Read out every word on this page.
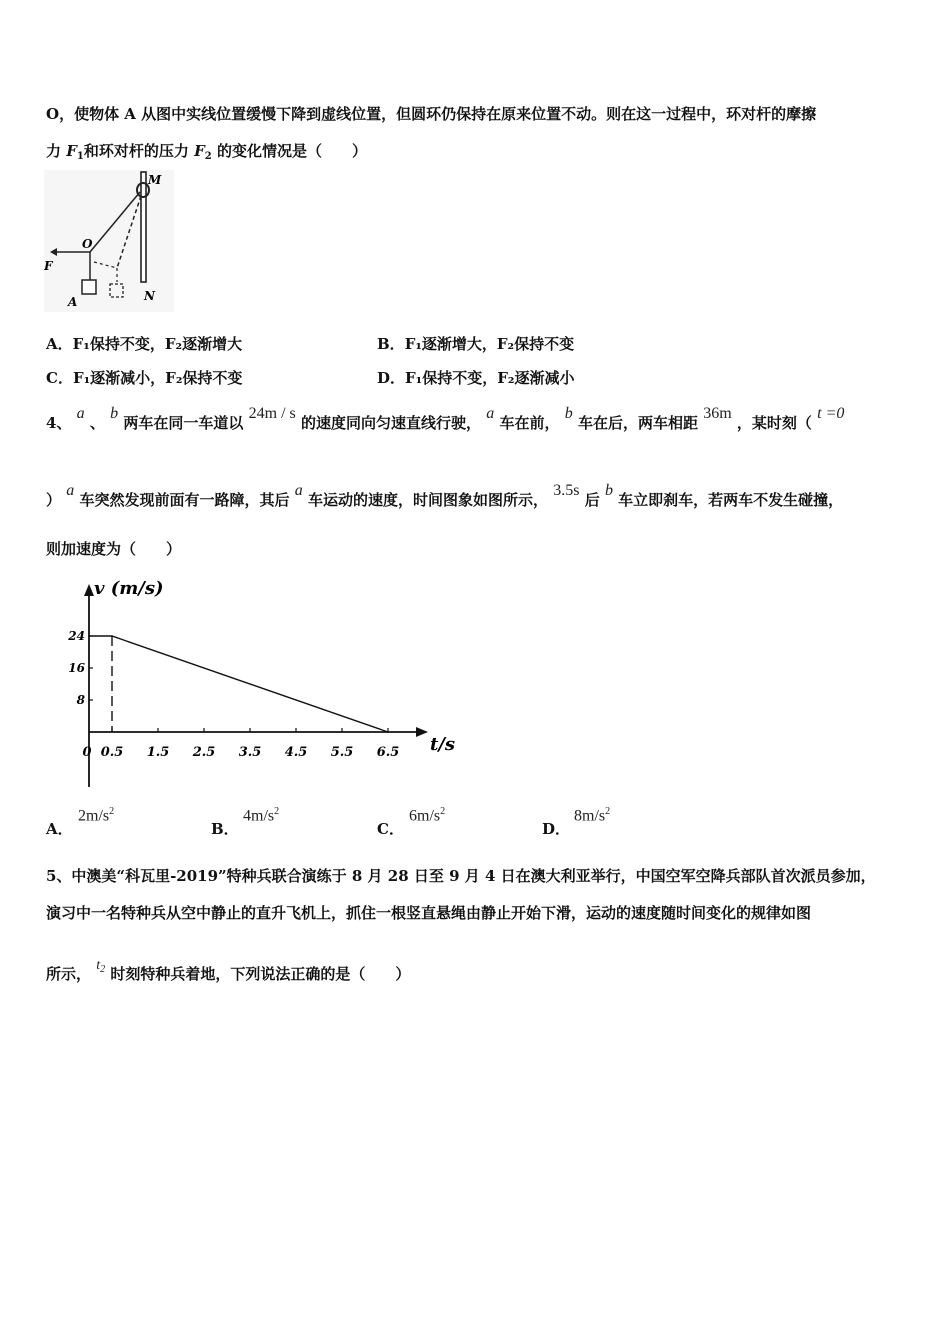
O，使物体 A 从图中实线位置缓慢下降到虚线位置，但圆环仍保持在原来位置不动。则在这一过程中，环对杆的摩擦
力 $F_1$和环对杆的压力 $F_2$ 的变化情况是（　　）
M
O
F
A	N
A．F₁保持不变，F₂逐渐增大	B．F₁逐渐增大，F₂保持不变
C．F₁逐渐减小，F₂保持不变	D．F₁保持不变，F₂逐渐减小
4、 a 、 b 两车在同一车道以 24m / s 的速度同向匀速直线行驶， a 车在前， b 车在后，两车相距 36m ，某时刻（ t =0
） a 车突然发现前面有一路障，其后 a 车运动的速度，时间图象如图所示， 3.5s 后 b 车立即刹车，若两车不发生碰撞，
则加速度为（　　）
v (m/s)
t/s
24
16
8
0 0.5 1.5 2.5 3.5 4.5 5.5 6.5
A．
$2m/s^2$
B．
$4m/s^2$
C．
$6m/s^2$
D．
$8m/s^2$
5、中澳美“科瓦里-2019”特种兵联合演练于 8 月 28 日至 9 月 4 日在澳大利亚举行，中国空军空降兵部队首次派员参加，
演习中一名特种兵从空中静止的直升飞机上，抓住一根竖直悬绳由静止开始下滑，运动的速度随时间变化的规律如图
所示， $t_2$ 时刻特种兵着地，下列说法正确的是（　　）
